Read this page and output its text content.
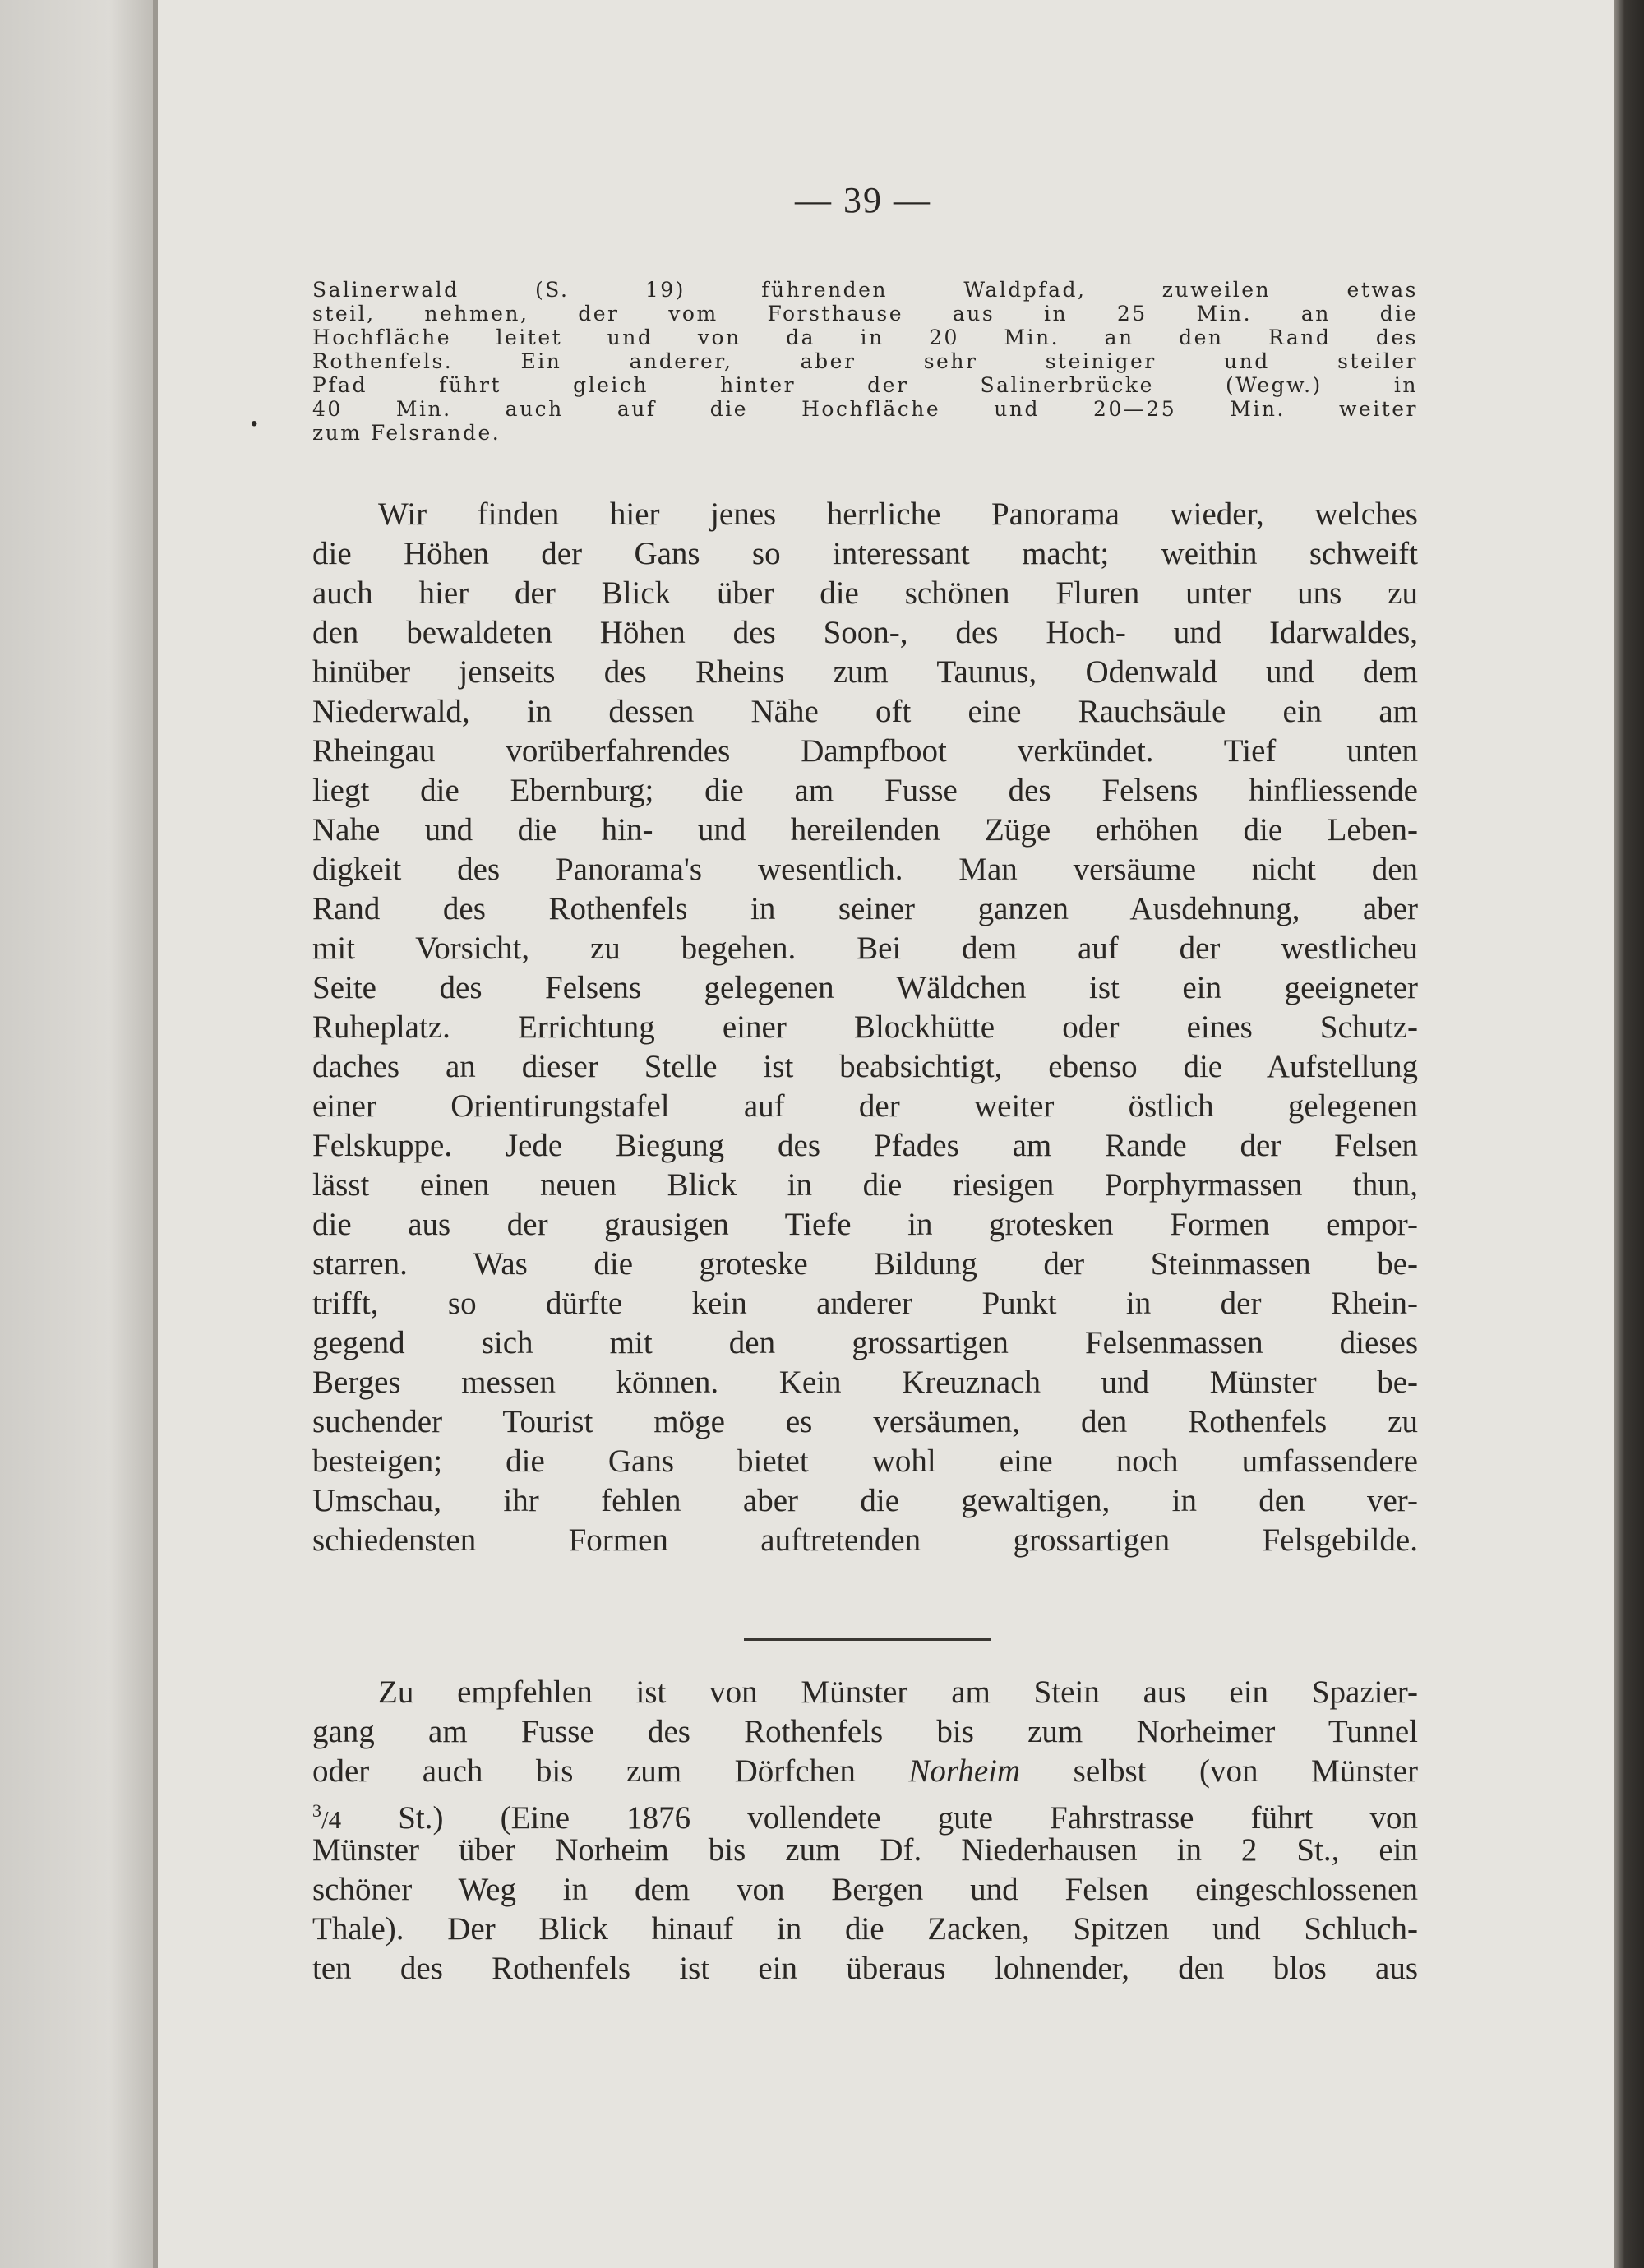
•
— 39 —
Salinerwald (S. 19) führenden Waldpfad, zuweilen etwas
steil, nehmen, der vom Forsthause aus in 25 Min. an die
Hochfläche leitet und von da in 20 Min. an den Rand des
Rothenfels. Ein anderer, aber sehr steiniger und steiler
Pfad führt gleich hinter der Salinerbrücke (Wegw.) in
40 Min. auch auf die Hochfläche und 20—25 Min. weiter
zum Felsrande.
Wir finden hier jenes herrliche Panorama wieder, welches
die Höhen der Gans so interessant macht; weithin schweift
auch hier der Blick über die schönen Fluren unter uns zu
den bewaldeten Höhen des Soon-, des Hoch- und Idarwaldes,
hinüber jenseits des Rheins zum Taunus, Odenwald und dem
Niederwald, in dessen Nähe oft eine Rauchsäule ein am
Rheingau vorüberfahrendes Dampfboot verkündet. Tief unten
liegt die Ebernburg; die am Fusse des Felsens hinfliessende
Nahe und die hin- und hereilenden Züge erhöhen die Leben-
digkeit des Panorama's wesentlich. Man versäume nicht den
Rand des Rothenfels in seiner ganzen Ausdehnung, aber
mit Vorsicht, zu begehen. Bei dem auf der westlicheu
Seite des Felsens gelegenen Wäldchen ist ein geeigneter
Ruheplatz. Errichtung einer Blockhütte oder eines Schutz-
daches an dieser Stelle ist beabsichtigt, ebenso die Aufstellung
einer Orientirungstafel auf der weiter östlich gelegenen
Felskuppe. Jede Biegung des Pfades am Rande der Felsen
lässt einen neuen Blick in die riesigen Porphyrmassen thun,
die aus der grausigen Tiefe in grotesken Formen empor-
starren. Was die groteske Bildung der Steinmassen be-
trifft, so dürfte kein anderer Punkt in der Rhein-
gegend sich mit den grossartigen Felsenmassen dieses
Berges messen können. Kein Kreuznach und Münster be-
suchender Tourist möge es versäumen, den Rothenfels zu
besteigen; die Gans bietet wohl eine noch umfassendere
Umschau, ihr fehlen aber die gewaltigen, in den ver-
schiedensten Formen auftretenden grossartigen Felsgebilde.
Zu empfehlen ist von Münster am Stein aus ein Spazier-
gang am Fusse des Rothenfels bis zum Norheimer Tunnel
oder auch bis zum Dörfchen Norheim selbst (von Münster
$^3$/4 St.) (Eine 1876 vollendete gute Fahrstrasse führt von
Münster über Norheim bis zum Df. Niederhausen in 2 St., ein
schöner Weg in dem von Bergen und Felsen eingeschlossenen
Thale). Der Blick hinauf in die Zacken, Spitzen und Schluch-
ten des Rothenfels ist ein überaus lohnender, den blos aus
